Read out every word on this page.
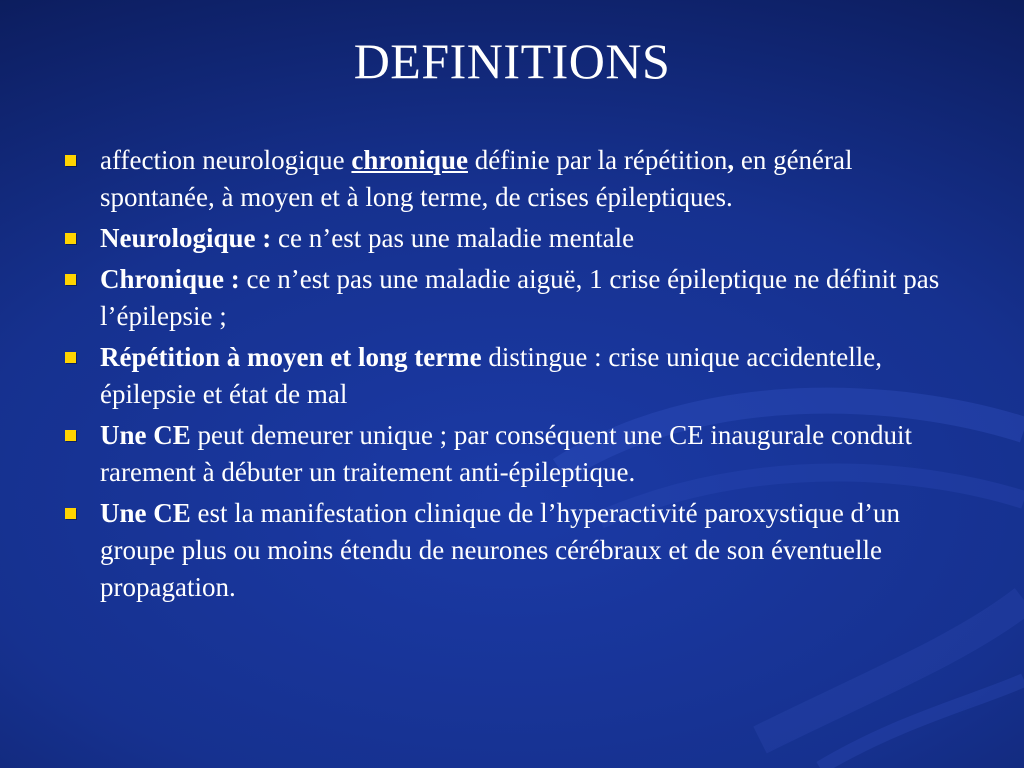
DEFINITIONS
affection neurologique chronique définie par la répétition, en général spontanée, à moyen et à long terme, de crises épileptiques.
Neurologique : ce n’est pas une maladie mentale
Chronique : ce n’est pas une maladie aiguë, 1 crise épileptique ne définit pas l’épilepsie ;
Répétition à moyen et long terme distingue : crise unique accidentelle, épilepsie et état de mal
Une CE peut demeurer unique ; par conséquent une CE inaugurale conduit rarement à débuter un traitement anti-épileptique.
Une CE est la manifestation clinique de l’hyperactivité paroxystique d’un groupe plus ou moins étendu de neurones cérébraux et de son éventuelle propagation.
